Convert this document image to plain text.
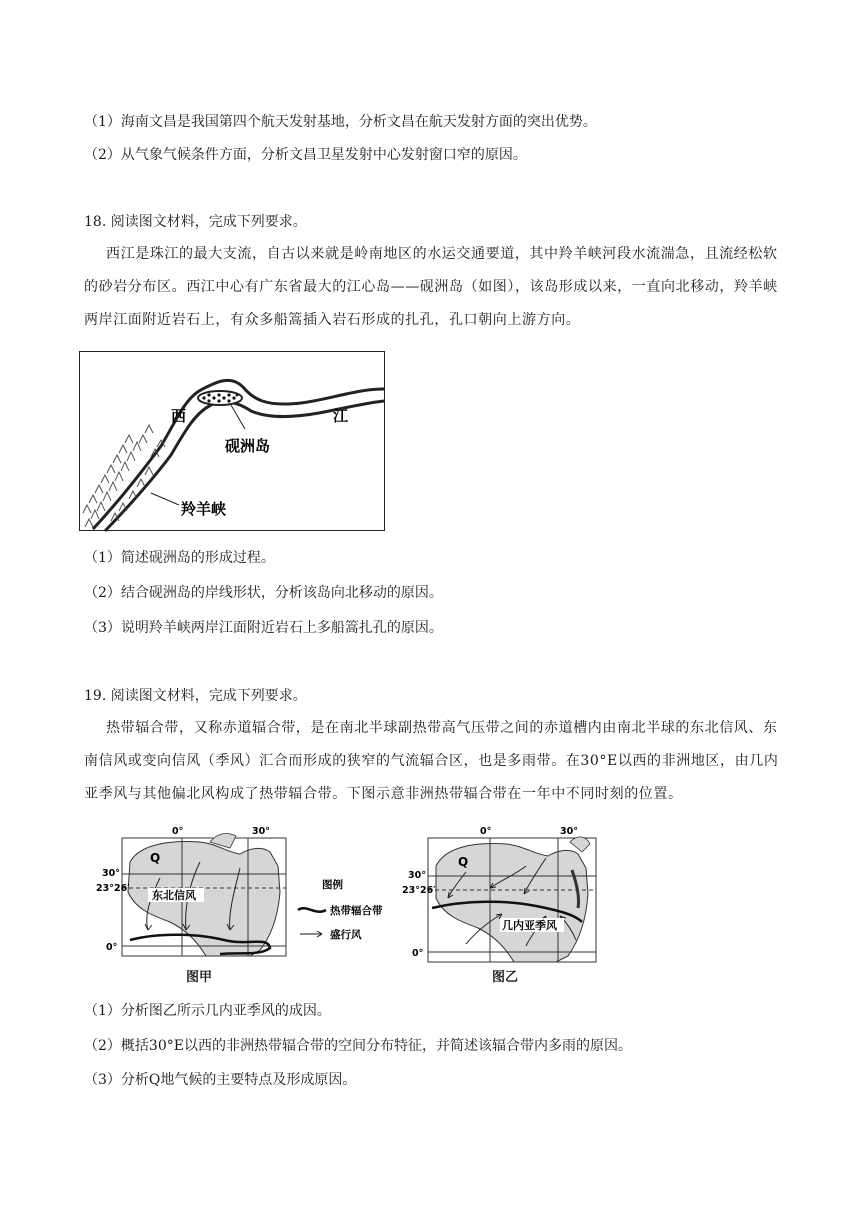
（1）海南文昌是我国第四个航天发射基地，分析文昌在航天发射方面的突出优势。
（2）从气象气候条件方面，分析文昌卫星发射中心发射窗口窄的原因。
18. 阅读图文材料，完成下列要求。
西江是珠江的最大支流，自古以来就是岭南地区的水运交通要道，其中羚羊峡河段水流湍急，且流经松软的砂岩分布区。西江中心有广东省最大的江心岛——砚洲岛（如图），该岛形成以来，一直向北移动，羚羊峡两岸江面附近岩石上，有众多船篙插入岩石形成的扎孔，孔口朝向上游方向。
西	江
砚洲岛
羚羊峡
（1）简述砚洲岛的形成过程。
（2）结合砚洲岛的岸线形状，分析该岛向北移动的原因。
（3）说明羚羊峡两岸江面附近岩石上多船篙扎孔的原因。
19. 阅读图文材料，完成下列要求。
热带辐合带，又称赤道辐合带，是在南北半球副热带高气压带之间的赤道槽内由南北半球的东北信风、东南信风或变向信风（季风）汇合而形成的狭窄的气流辐合区，也是多雨带。在30°E以西的非洲地区，由几内亚季风与其他偏北风构成了热带辐合带。下图示意非洲热带辐合带在一年中不同时刻的位置。
0°	30°
30°
23°26′
0°
Q
东北信风
图甲
图例
热带辐合带
盛行风
0°	30°
30°
23°26′
0°
Q
几内亚季风
图乙
（1）分析图乙所示几内亚季风的成因。
（2）概括30°E以西的非洲热带辐合带的空间分布特征，并简述该辐合带内多雨的原因。
（3）分析Q地气候的主要特点及形成原因。
